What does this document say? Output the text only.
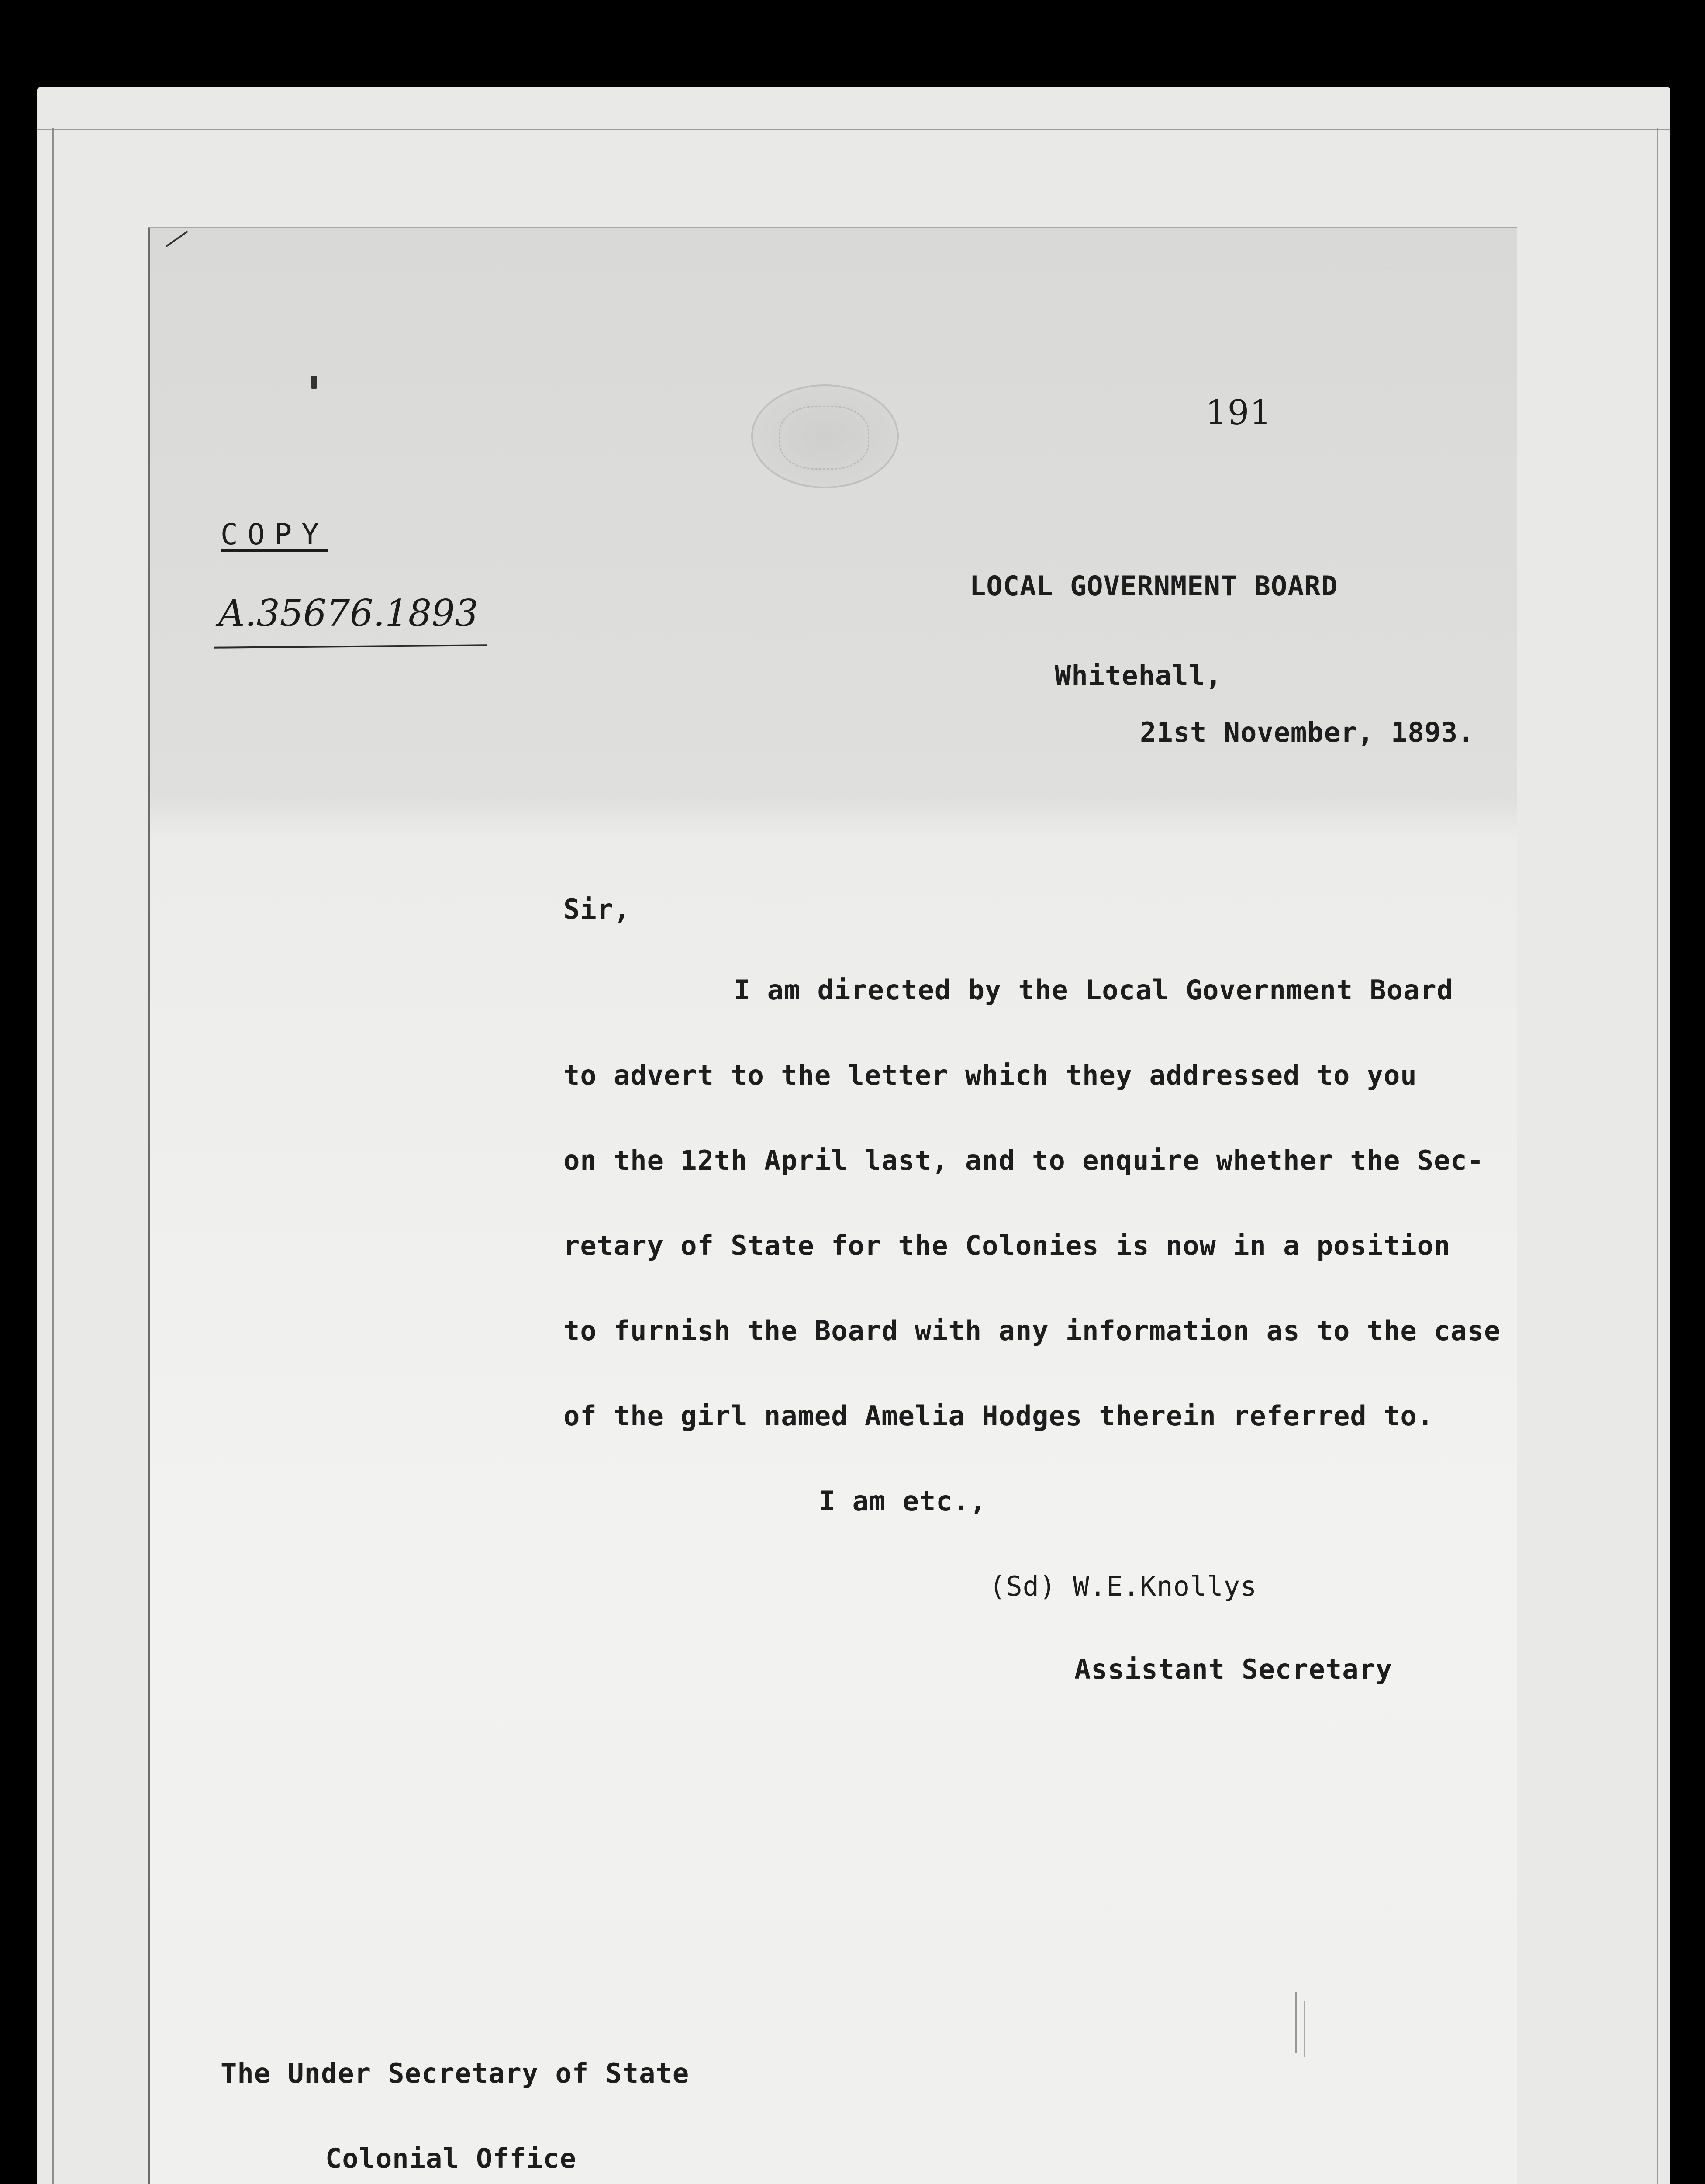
191
COPY
A.35676.1893
LOCAL GOVERNMENT BOARD
Whitehall,
21st November, 1893.
Sir,
I am directed by the Local Government Board
to advert to the letter which they addressed to you
on the 12th April last, and to enquire whether the Sec-
retary of State for the Colonies is now in a position
to furnish the Board with any information as to the case
of the girl named Amelia Hodges therein referred to.
I am etc.,
(Sd) W.E.Knollys
Assistant Secretary
The Under Secretary of State
Colonial Office
